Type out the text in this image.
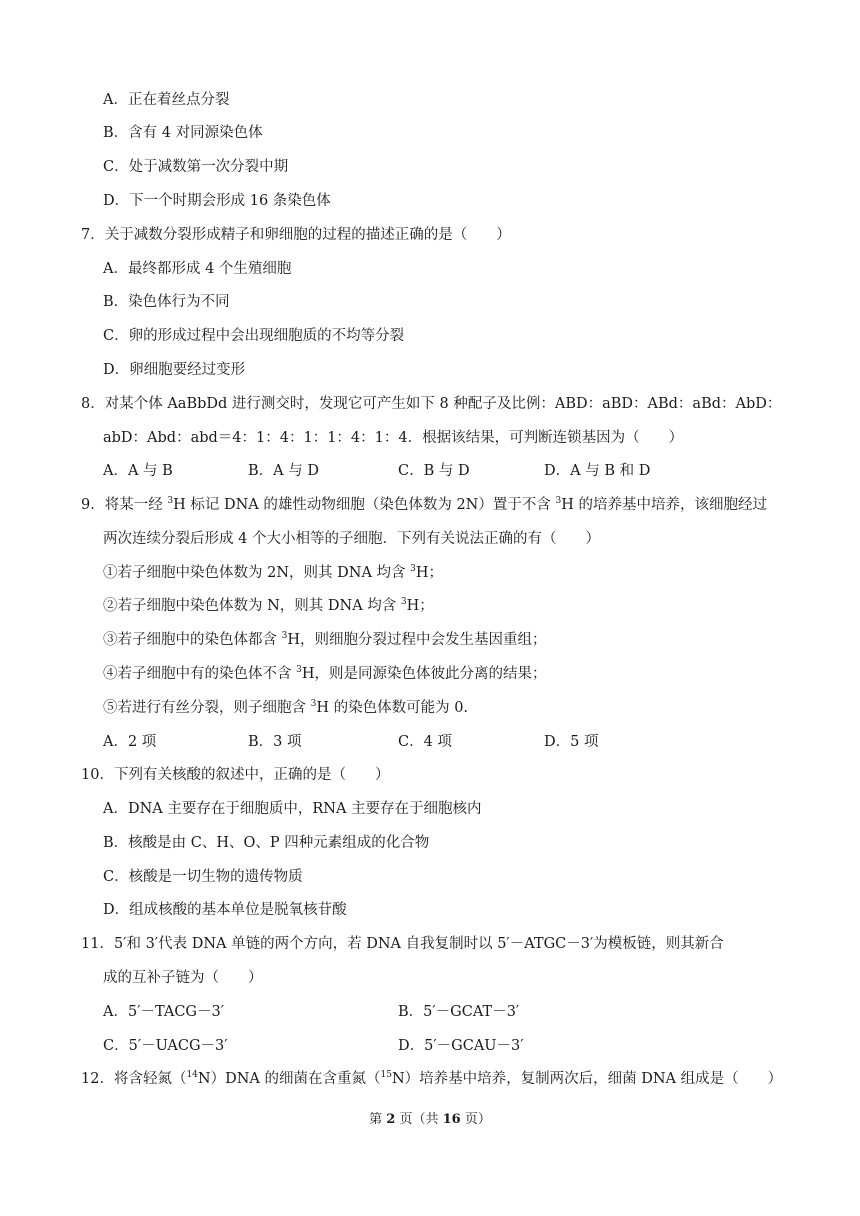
A．正在着丝点分裂
B．含有 4 对同源染色体
C．处于减数第一次分裂中期
D．下一个时期会形成 16 条染色体
7．关于减数分裂形成精子和卵细胞的过程的描述正确的是（　　）
A．最终都形成 4 个生殖细胞
B．染色体行为不同
C．卵的形成过程中会出现细胞质的不均等分裂
D．卵细胞要经过变形
8．对某个体 AaBbDd 进行测交时，发现它可产生如下 8 种配子及比例：ABD：aBD：ABd：aBd：AbD：
abD：Abd：abd＝4：1：4：1：1：4：1：4．根据该结果，可判断连锁基因为（　　）
A．A 与 B	B．A 与 D	C．B 与 D	D．A 与 B 和 D
9．将某一经 $^3$H 标记 DNA 的雄性动物细胞（染色体数为 2N）置于不含 $^3$H 的培养基中培养，该细胞经过
两次连续分裂后形成 4 个大小相等的子细胞．下列有关说法正确的有（　　）
①若子细胞中染色体数为 2N，则其 DNA 均含 $^3$H；
②若子细胞中染色体数为 N，则其 DNA 均含 $^3$H；
③若子细胞中的染色体都含 $^3$H，则细胞分裂过程中会发生基因重组；
④若子细胞中有的染色体不含 $^3$H，则是同源染色体彼此分离的结果；
⑤若进行有丝分裂，则子细胞含 $^3$H 的染色体数可能为 0.
A．2 项	B．3 项	C．4 项	D．5 项
10．下列有关核酸的叙述中，正确的是（　　）
A．DNA 主要存在于细胞质中，RNA 主要存在于细胞核内
B．核酸是由 C、H、O、P 四种元素组成的化合物
C．核酸是一切生物的遗传物质
D．组成核酸的基本单位是脱氧核苷酸
11．5′和 3′代表 DNA 单链的两个方向，若 DNA 自我复制时以 5′－ATGC－3′为模板链，则其新合
成的互补子链为（　　）
A．5′－TACG－3′	B．5′－GCAT－3′
C．5′－UACG－3′	D．5′－GCAU－3′
12．将含轻氮（$^{14}$N）DNA 的细菌在含重氮（$^{15}$N）培养基中培养，复制两次后，细菌 DNA 组成是（　　）
第 2 页（共 16 页）
